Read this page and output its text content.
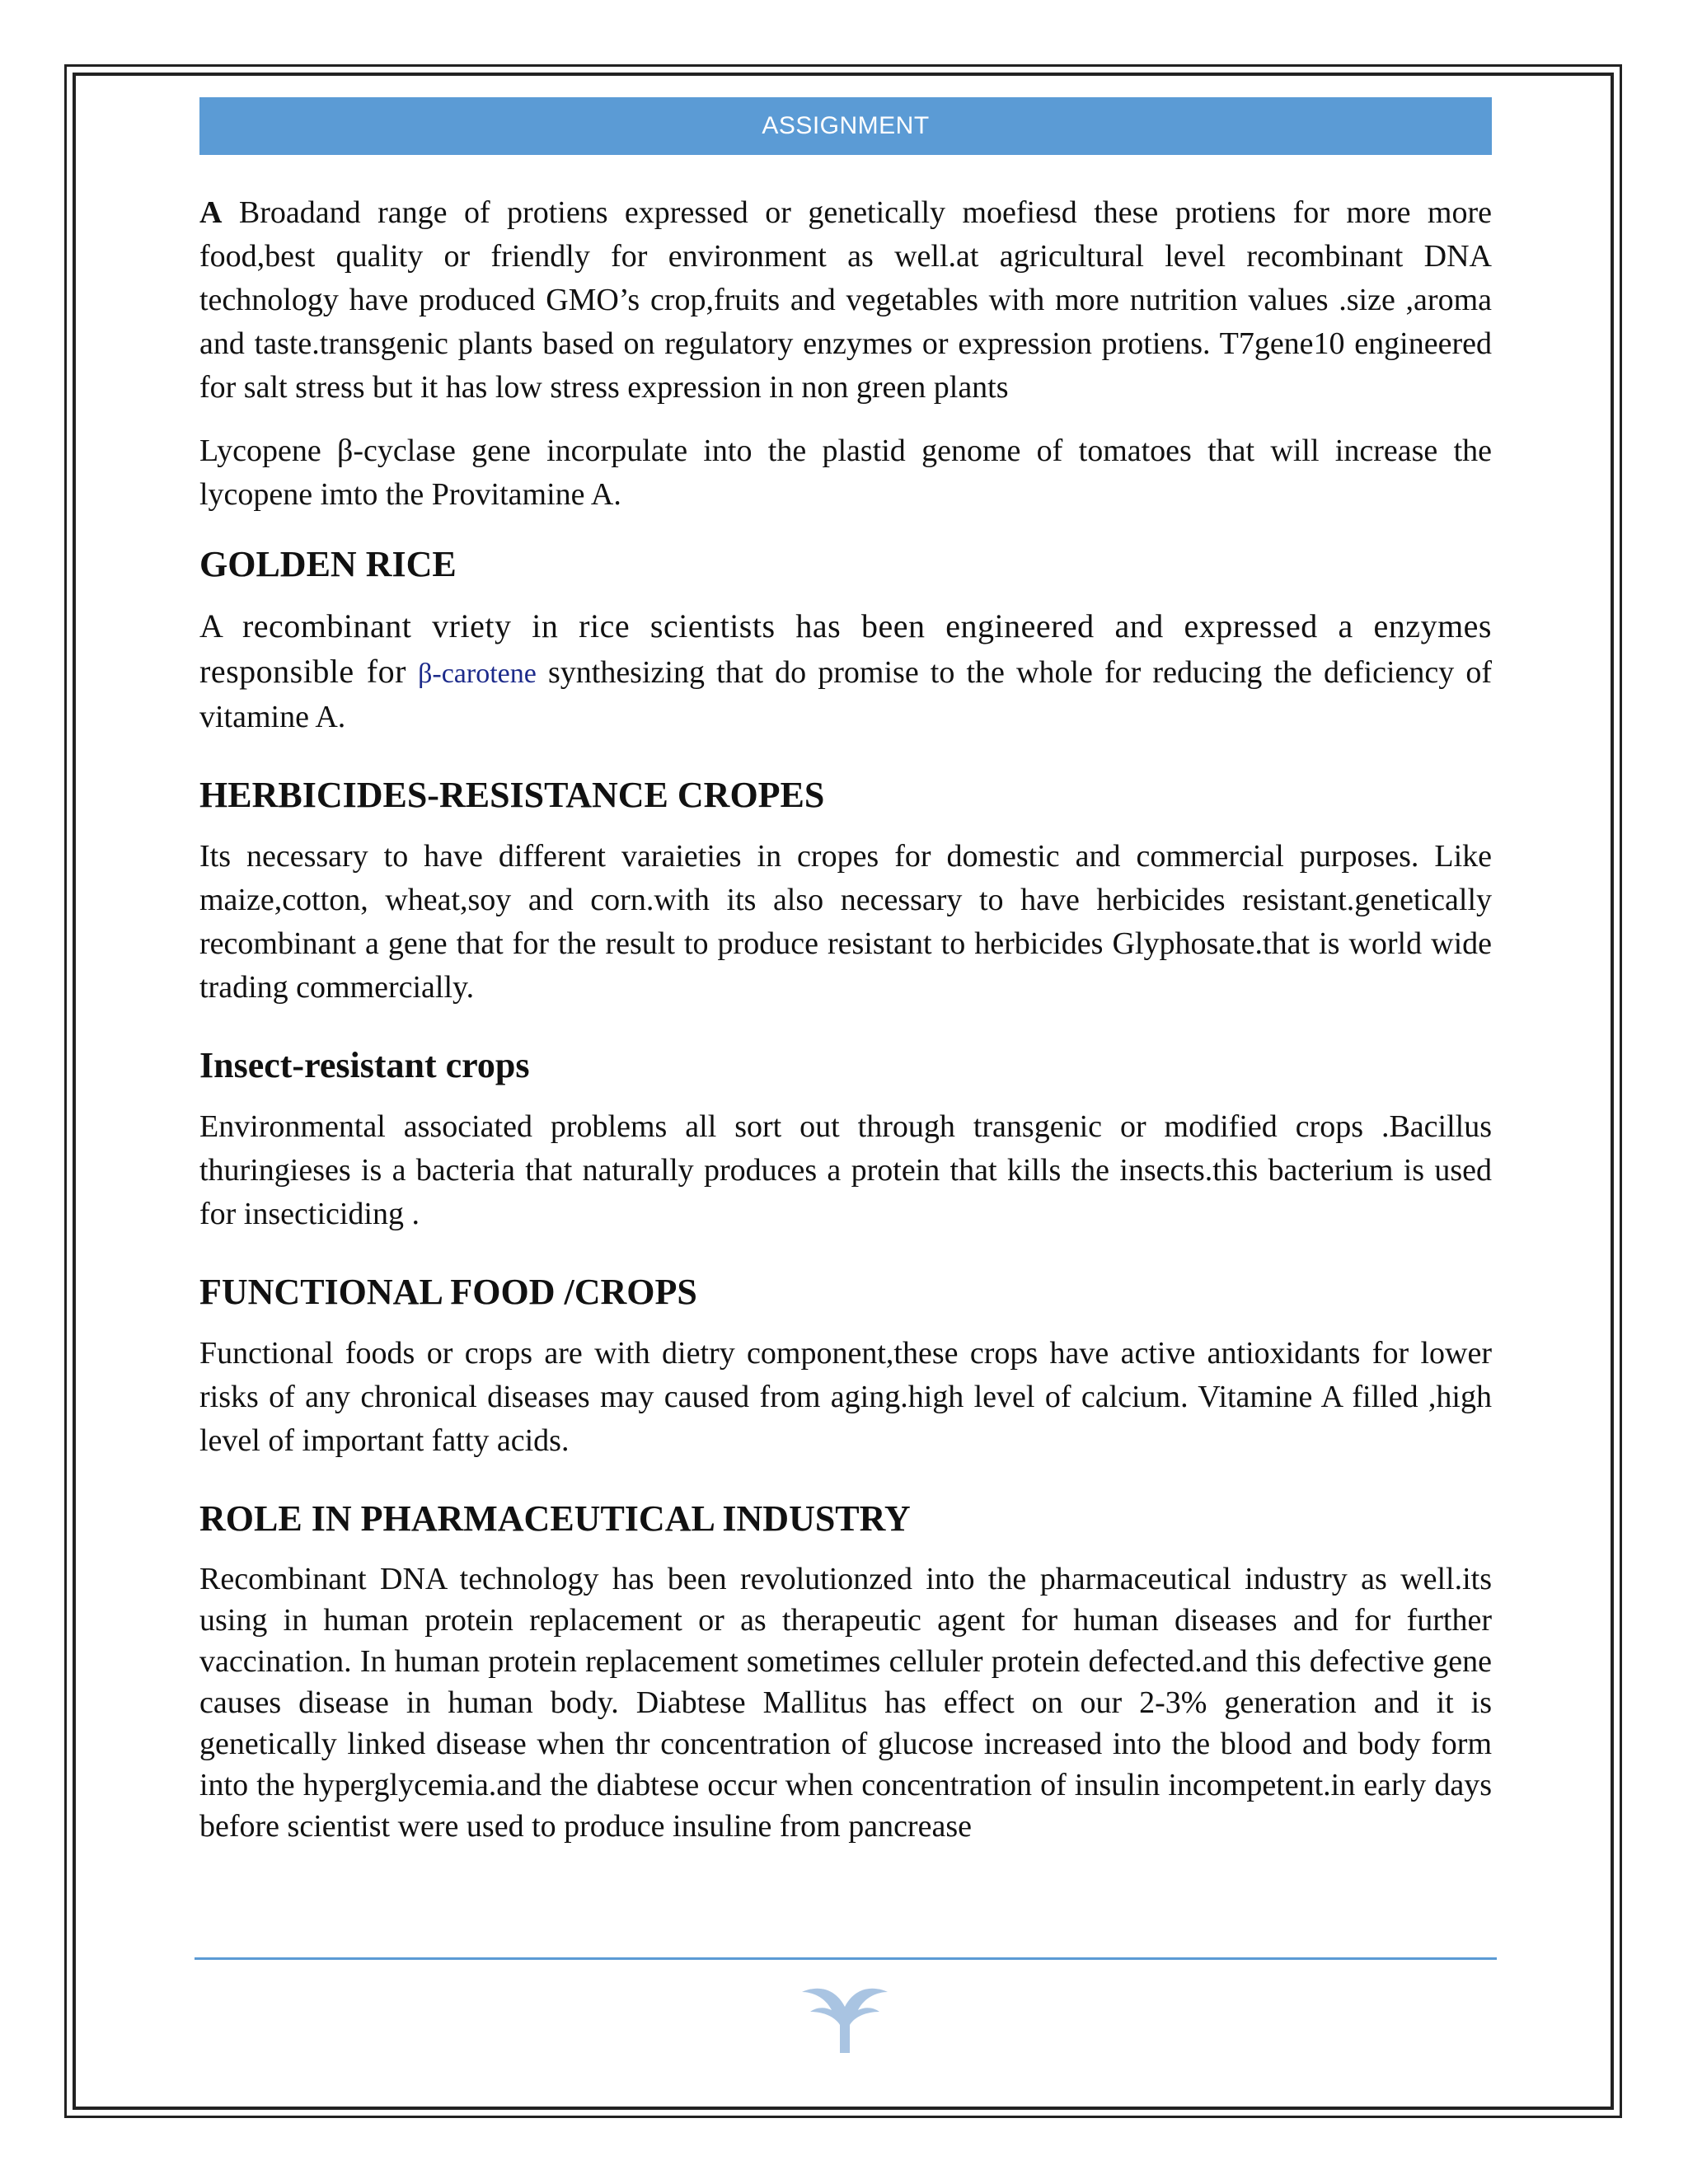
ASSIGNMENT

A Broadand range of protiens expressed or genetically moefiesd these protiens for more more food,best quality or friendly for environment as well.at agricultural level recombinant DNA technology have produced GMO’s crop,fruits and vegetables with more nutrition values .size ,aroma and taste.transgenic plants based on regulatory enzymes or expression protiens. T7gene10 engineered for salt stress but it has low stress expression in non green plants

Lycopene β-cyclase gene incorpulate into the plastid genome of tomatoes that will increase the lycopene imto the Provitamine A.

GOLDEN RICE

A recombinant vriety in rice scientists has been engineered and expressed a enzymes responsible for β-carotene synthesizing that do promise to the whole for reducing the deficiency of vitamine A.

HERBICIDES-RESISTANCE CROPES

Its necessary to have different varaieties in cropes for domestic and commercial purposes. Like maize,cotton, wheat,soy and corn.with its also necessary to have herbicides resistant.genetically recombinant a gene that for the result to produce resistant to herbicides Glyphosate.that is world wide trading commercially.

Insect-resistant crops

Environmental associated problems all sort out through transgenic or modified crops .Bacillus thuringieses is a bacteria that naturally produces a protein that kills the insects.this bacterium is used for insecticiding .

FUNCTIONAL FOOD /CROPS

Functional foods or crops are with dietry component,these crops have active antioxidants for lower risks of any chronical diseases may caused from aging.high level of calcium. Vitamine A filled ,high level of important fatty acids.

ROLE IN PHARMACEUTICAL INDUSTRY

Recombinant DNA technology has been revolutionzed into the pharmaceutical industry as well.its using in human protein replacement or as therapeutic agent for human diseases and for further vaccination. In human protein replacement sometimes celluler protein defected.and this defective gene causes disease in human body. Diabtese Mallitus has effect on our 2-3% generation and it is genetically linked disease when thr concentration of glucose increased into the blood and body form into the hyperglycemia.and the diabtese occur when concentration of insulin incompetent.in early days before scientist were used to produce insuline from pancrease
